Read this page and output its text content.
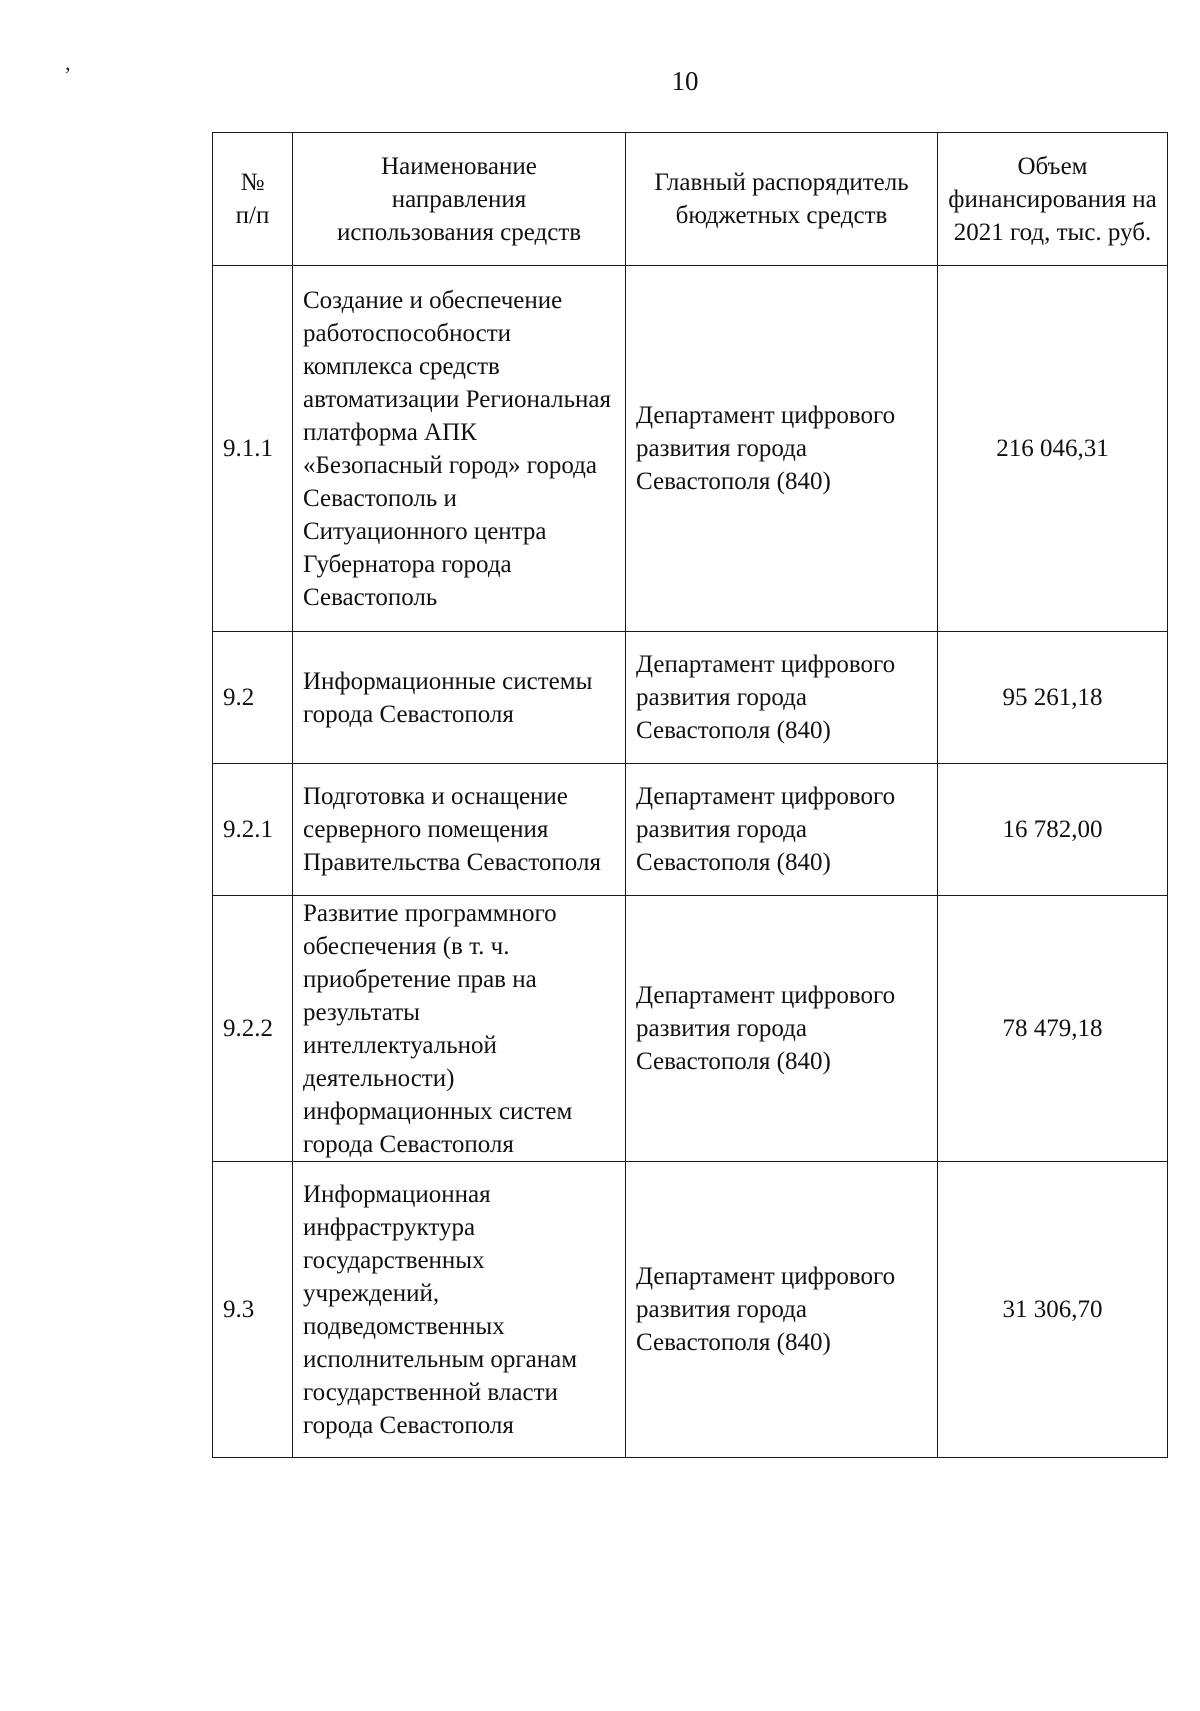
’	10
№ п/п	Наименование направления использования средств	Главный распорядитель бюджетных средств	Объем финансирования на 2021 год, тыс. руб.
9.1.1	Создание и обеспечение работоспособности комплекса средств автоматизации Региональная платформа АПК «Безопасный город» города Севастополь и Ситуационного центра Губернатора города Севастополь	Департамент цифрового развития города Севастополя (840)	216 046,31
9.2	Информационные системы города Севастополя	Департамент цифрового развития города Севастополя (840)	95 261,18
9.2.1	Подготовка и оснащение серверного помещения Правительства Севастополя	Департамент цифрового развития города Севастополя (840)	16 782,00
9.2.2	Развитие программного обеспечения (в т. ч. приобретение прав на результаты интеллектуальной деятельности) информационных систем города Севастополя	Департамент цифрового развития города Севастополя (840)	78 479,18
9.3	Информационная инфраструктура государственных учреждений, подведомственных исполнительным органам государственной власти города Севастополя	Департамент цифрового развития города Севастополя (840)	31 306,70
